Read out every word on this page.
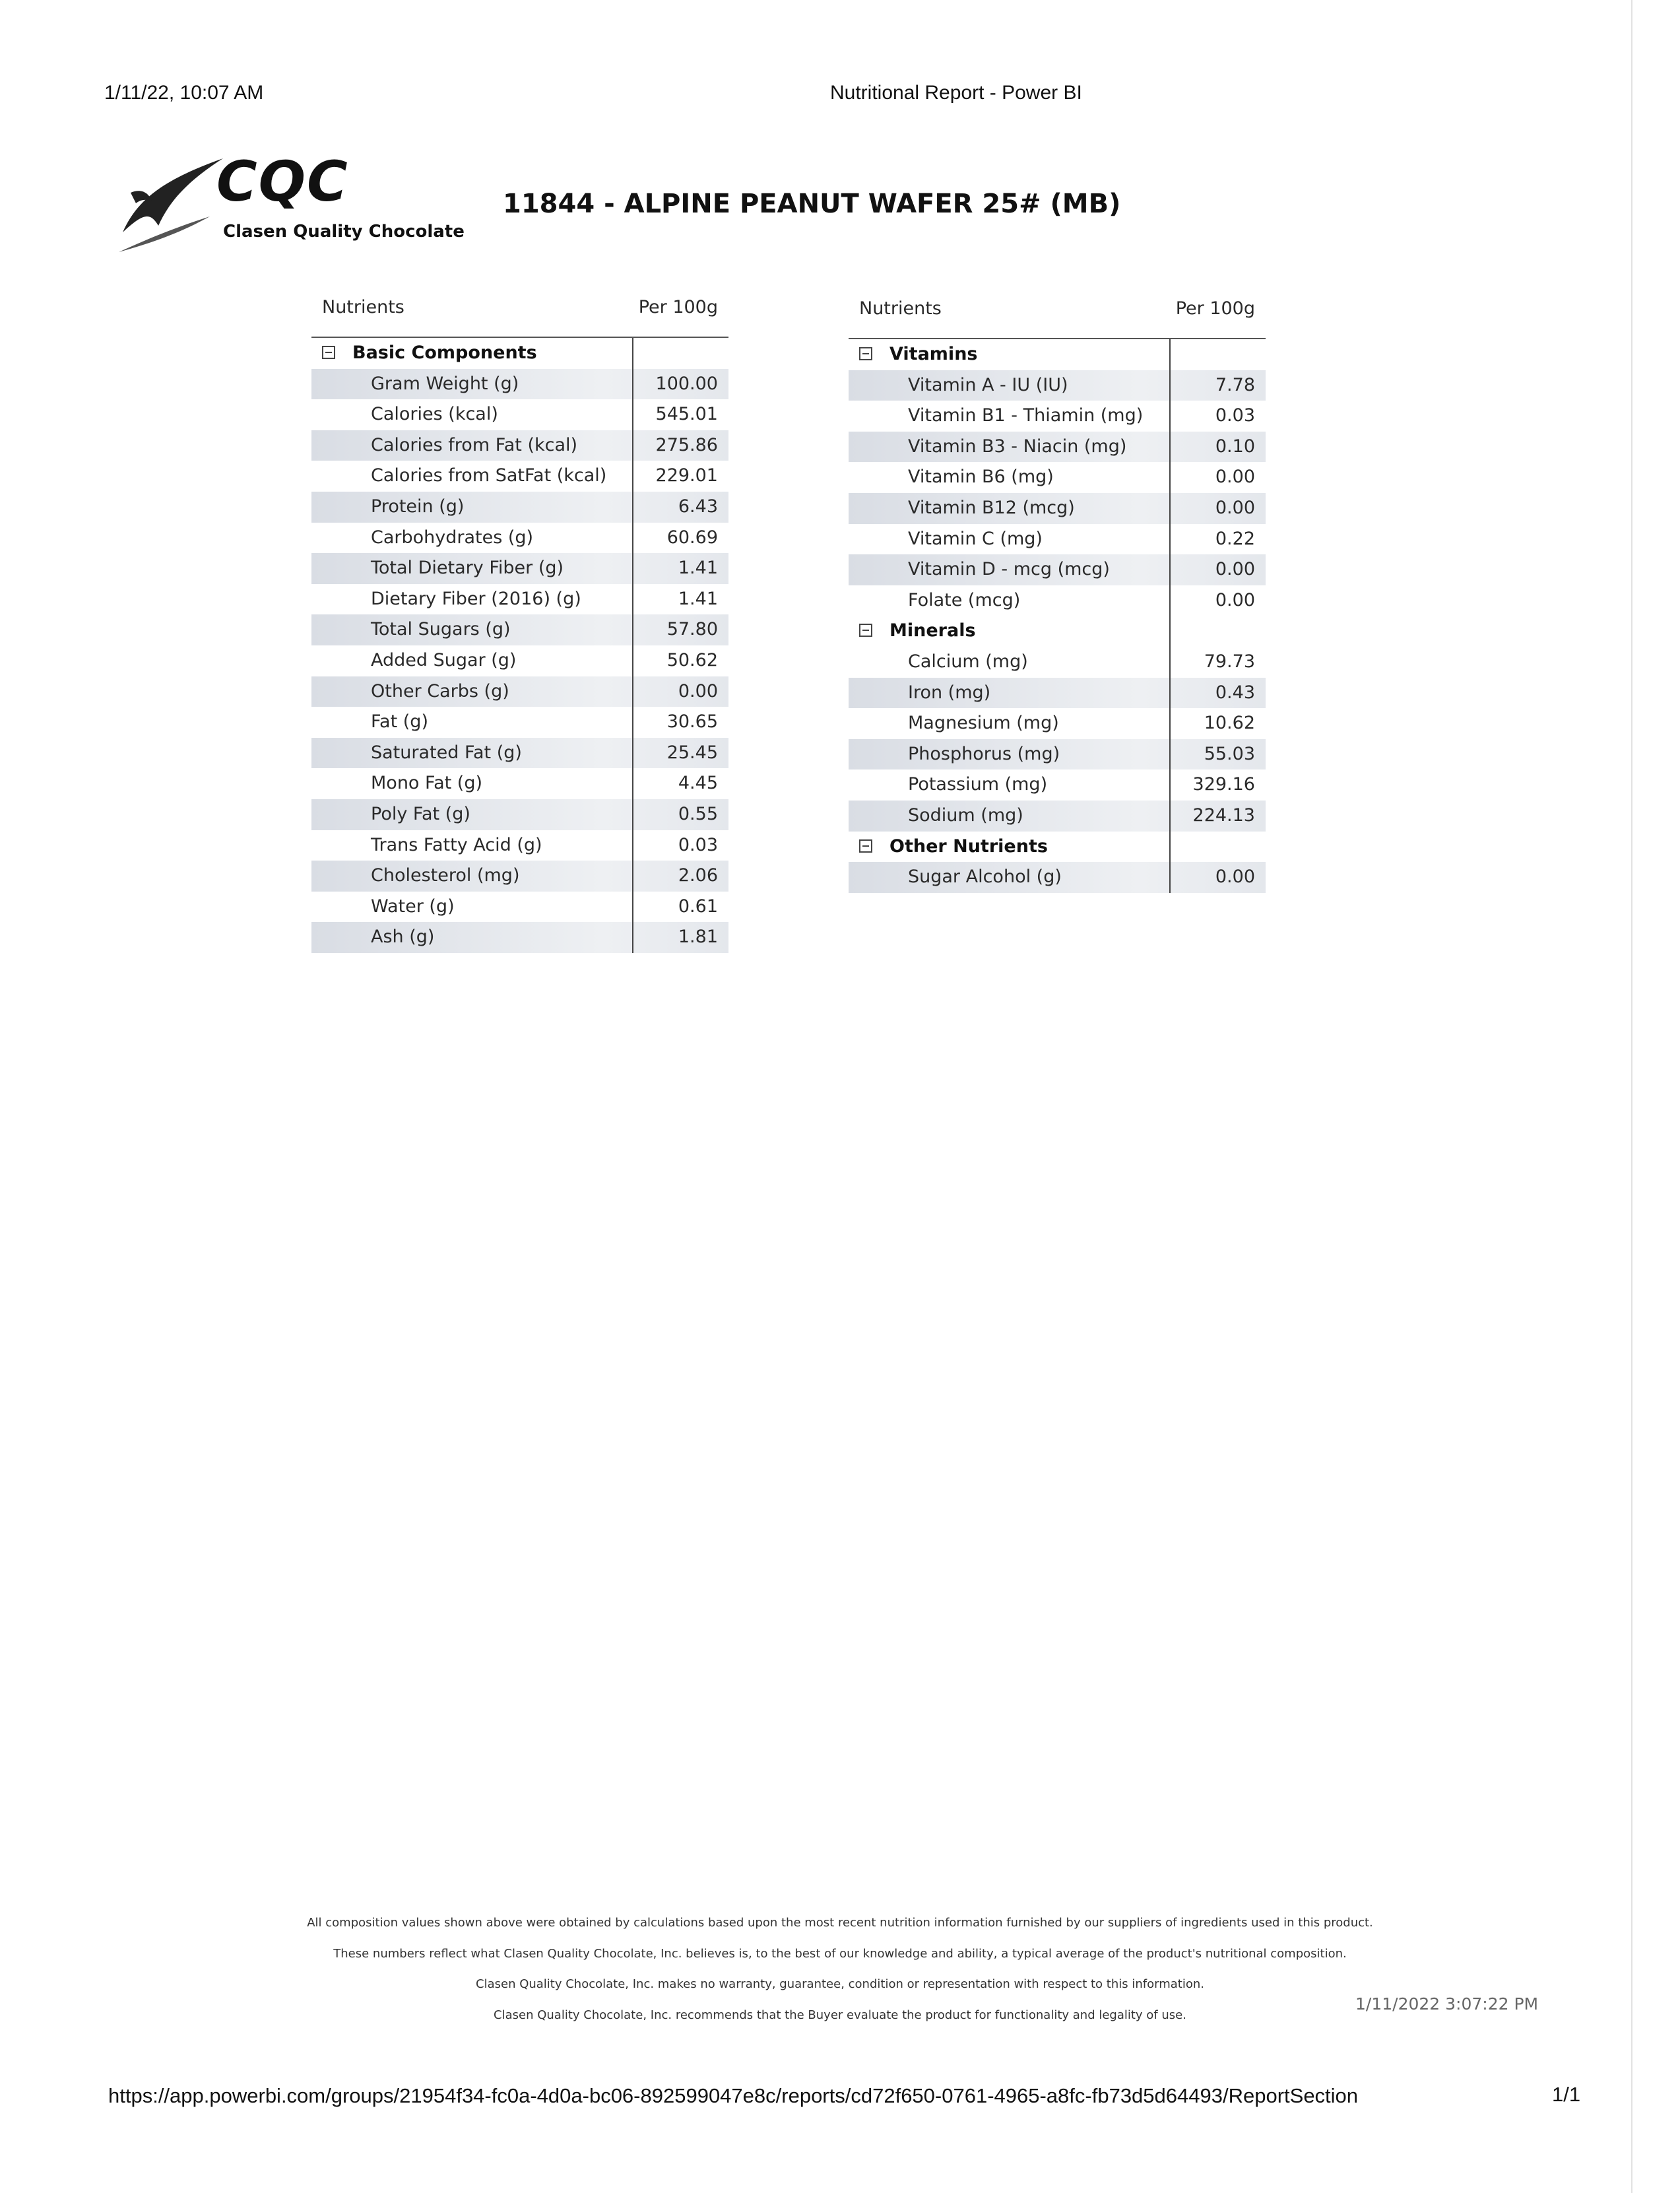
1/11/22, 10:07 AM	Nutritional Report - Power BI
CQC
Clasen Quality Chocolate
11844 - ALPINE PEANUT WAFER 25# (MB)
Nutrients	Per 100g
Basic Components
Gram Weight (g)	100.00
Calories (kcal)	545.01
Calories from Fat (kcal)	275.86
Calories from SatFat (kcal)	229.01
Protein (g)	6.43
Carbohydrates (g)	60.69
Total Dietary Fiber (g)	1.41
Dietary Fiber (2016) (g)	1.41
Total Sugars (g)	57.80
Added Sugar (g)	50.62
Other Carbs (g)	0.00
Fat (g)	30.65
Saturated Fat (g)	25.45
Mono Fat (g)	4.45
Poly Fat (g)	0.55
Trans Fatty Acid (g)	0.03
Cholesterol (mg)	2.06
Water (g)	0.61
Ash (g)	1.81
Nutrients	Per 100g
Vitamins
Vitamin A - IU (IU)	7.78
Vitamin B1 - Thiamin (mg)	0.03
Vitamin B3 - Niacin (mg)	0.10
Vitamin B6 (mg)	0.00
Vitamin B12 (mcg)	0.00
Vitamin C (mg)	0.22
Vitamin D - mcg (mcg)	0.00
Folate (mcg)	0.00
Minerals
Calcium (mg)	79.73
Iron (mg)	0.43
Magnesium (mg)	10.62
Phosphorus (mg)	55.03
Potassium (mg)	329.16
Sodium (mg)	224.13
Other Nutrients
Sugar Alcohol (g)	0.00
All composition values shown above were obtained by calculations based upon the most recent nutrition information furnished by our suppliers of ingredients used in this product.
These numbers reflect what Clasen Quality Chocolate, Inc. believes is, to the best of our knowledge and ability, a typical average of the product's nutritional composition.
Clasen Quality Chocolate, Inc. makes no warranty, guarantee, condition or representation with respect to this information.
Clasen Quality Chocolate, Inc. recommends that the Buyer evaluate the product for functionality and legality of use.
1/11/2022 3:07:22 PM
https://app.powerbi.com/groups/21954f34-fc0a-4d0a-bc06-892599047e8c/reports/cd72f650-0761-4965-a8fc-fb73d5d64493/ReportSection	1/1
